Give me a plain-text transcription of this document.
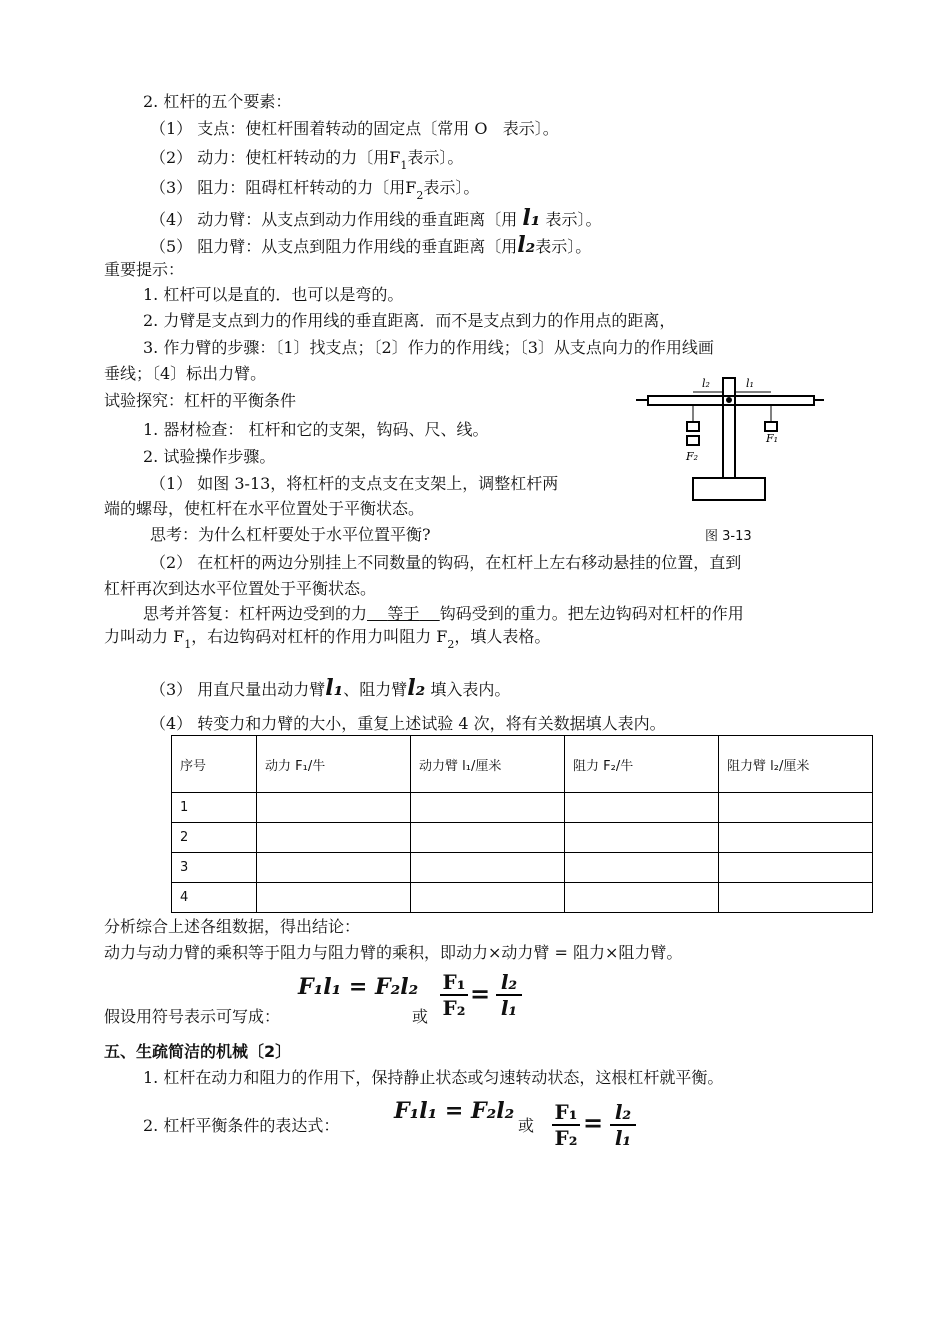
2. 杠杆的五个要素：
（1） 支点：使杠杆围着转动的固定点〔常用 O 表示〕。
（2） 动力：使杠杆转动的力〔用$F_1$表示〕。
（3） 阻力：阻碍杠杆转动的力〔用$F_2$表示〕。
（4） 动力臂：从支点到动力作用线的垂直距离〔用 l₁ 表示〕。
（5） 阻力臂：从支点到阻力作用线的垂直距离〔用l₂表示〕。
重要提示：
1. 杠杆可以是直的．也可以是弯的。
2. 力臂是支点到力的作用线的垂直距离．而不是支点到力的作用点的距离，
3. 作力臂的步骤：〔1〕找支点；〔2〕作力的作用线；〔3〕从支点向力的作用线画
垂线；〔4〕标出力臂。
试验探究：杠杆的平衡条件
1. 器材检查： 杠杆和它的支架，钩码、尺、线。
2. 试验操作步骤。
（1） 如图 3-13，将杠杆的支点支在支架上，调整杠杆两
端的螺母，使杠杆在水平位置处于平衡状态。
思考：为什么杠杆要处于水平位置平衡?
l₂	l₁
F₂
F₁
图 3-13
（2） 在杠杆的两边分别挂上不同数量的钩码，在杠杆上左右移动悬挂的位置，直到
杠杆再次到达水平位置处于平衡状态。
思考并答复：杠杆两边受到的力 等于 钩码受到的重力。把左边钩码对杠杆的作用
力叫动力 $F_1$，右边钩码对杠杆的作用力叫阻力 $F_2$，填人表格。
（3） 用直尺量出动力臂l₁、阻力臂l₂ 填入表内。
（4） 转变力和力臂的大小，重复上述试验 4 次，将有关数据填人表内。
序号	动力 F₁/牛	动力臂 l₁/厘米	阻力 F₂/牛	阻力臂 l₂/厘米
1				
2				
3				
4				
分析综合上述各组数据，得出结论：
动力与动力臂的乘积等于阻力与阻力臂的乘积，即动力×动力臂 = 阻力×阻力臂。
F₁l₁ = F₂l₂
假设用符号表示可写成：	或 $\frac{\text{F₁}}{\text{F₂}} = \frac{\text{l₂}}{\text{l₁}}$
五、生疏简洁的机械〔2〕
1. 杠杆在动力和阻力的作用下，保持静止状态或匀速转动状态，这根杠杆就平衡。
F₁l₁ = F₂l₂
2. 杠杆平衡条件的表达式：	或 $\frac{\text{F₁}}{\text{F₂}} = \frac{\text{l₂}}{\text{l₁}}$
